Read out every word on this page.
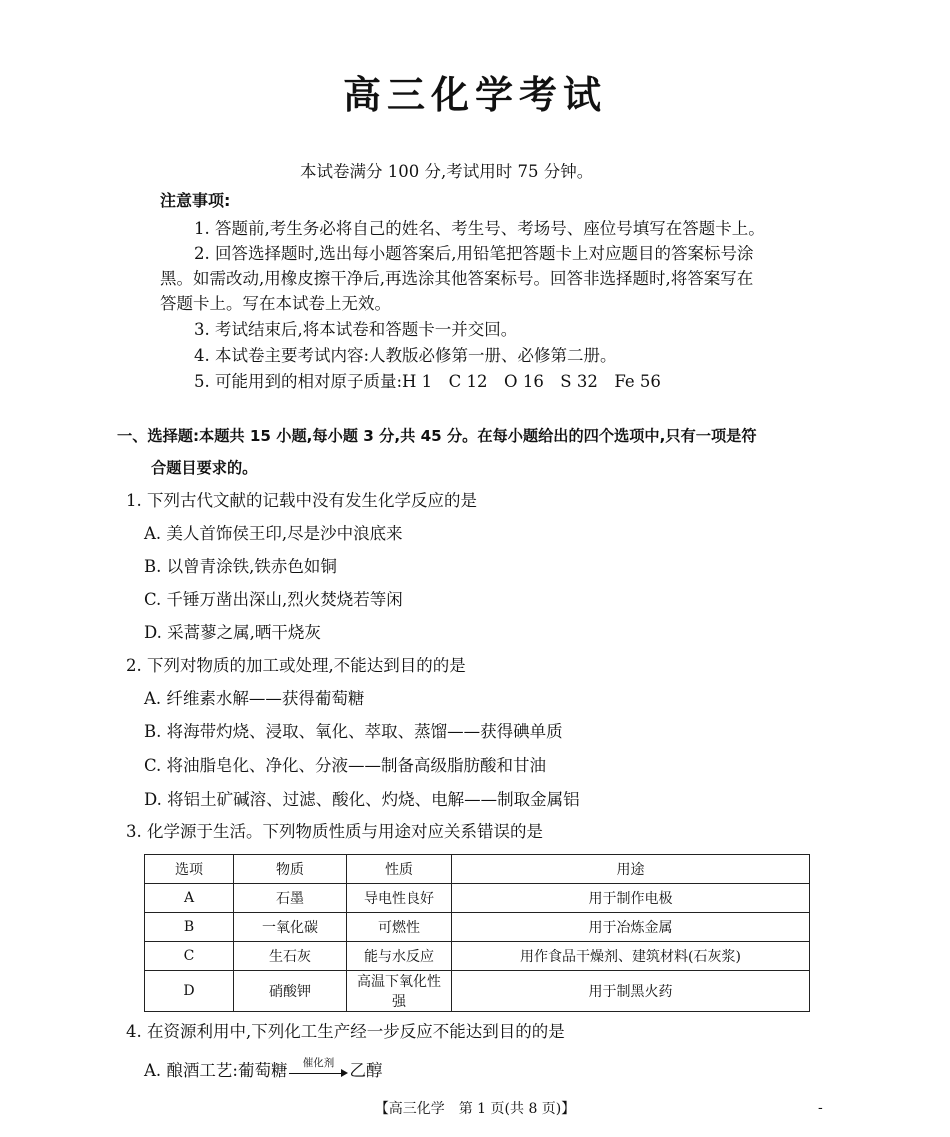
高三化学考试
本试卷满分 100 分,考试用时 75 分钟。
注意事项:
1. 答题前,考生务必将自己的姓名、考生号、考场号、座位号填写在答题卡上。
2. 回答选择题时,选出每小题答案后,用铅笔把答题卡上对应题目的答案标号涂
黑。如需改动,用橡皮擦干净后,再选涂其他答案标号。回答非选择题时,将答案写在
答题卡上。写在本试卷上无效。
3. 考试结束后,将本试卷和答题卡一并交回。
4. 本试卷主要考试内容:人教版必修第一册、必修第二册。
5. 可能用到的相对原子质量:H 1　C 12　O 16　S 32　Fe 56
一、选择题:本题共 15 小题,每小题 3 分,共 45 分。在每小题给出的四个选项中,只有一项是符
合题目要求的。
1. 下列古代文献的记载中没有发生化学反应的是
A. 美人首饰侯王印,尽是沙中浪底来
B. 以曾青涂铁,铁赤色如铜
C. 千锤万凿出深山,烈火焚烧若等闲
D. 采蒿蓼之属,晒干烧灰
2. 下列对物质的加工或处理,不能达到目的的是
A. 纤维素水解——获得葡萄糖
B. 将海带灼烧、浸取、氧化、萃取、蒸馏——获得碘单质
C. 将油脂皂化、净化、分液——制备高级脂肪酸和甘油
D. 将铝土矿碱溶、过滤、酸化、灼烧、电解——制取金属铝
3. 化学源于生活。下列物质性质与用途对应关系错误的是
选项	物质	性质	用途
A	石墨	导电性良好	用于制作电极
B	一氧化碳	可燃性	用于冶炼金属
C	生石灰	能与水反应	用作食品干燥剂、建筑材料(石灰浆)
D	硝酸钾	高温下氧化性强	用于制黑火药
4. 在资源利用中,下列化工生产经一步反应不能达到目的的是
A. 酿酒工艺:葡萄糖	催化剂 乙醇
【高三化学　第 1 页(共 8 页)】	-
